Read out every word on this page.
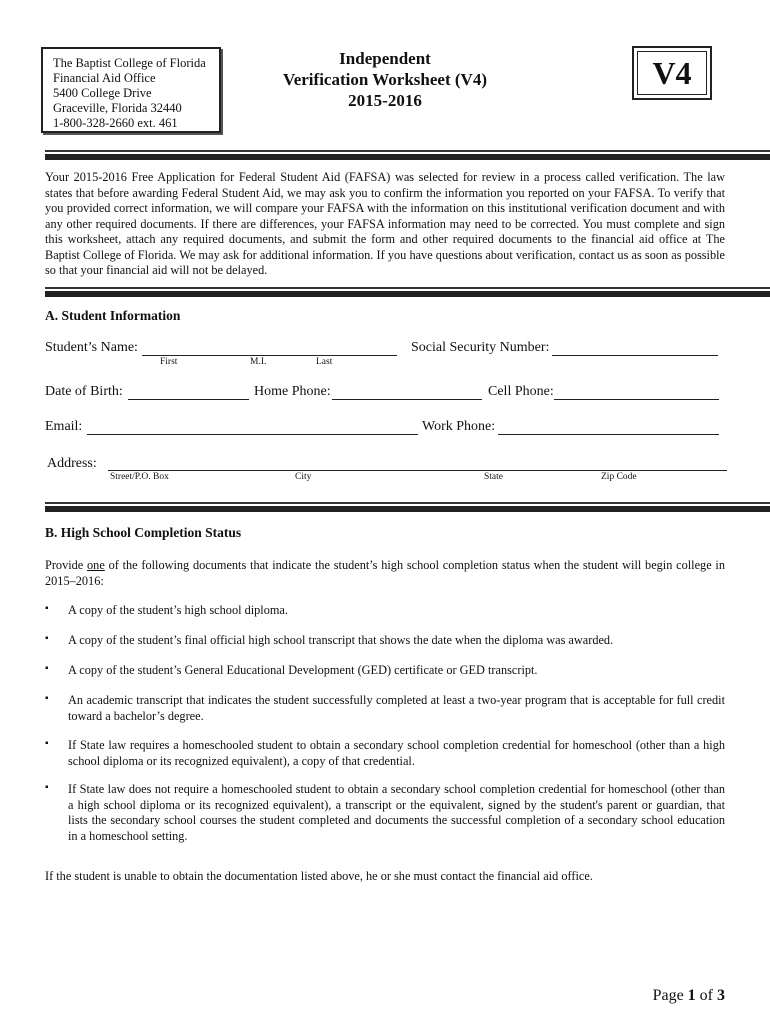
The Baptist College of Florida
Financial Aid Office
5400 College Drive
Graceville, Florida 32440
1-800-328-2660 ext. 461
Independent
Verification Worksheet (V4)
2015-2016
V4
Your 2015-2016 Free Application for Federal Student Aid (FAFSA) was selected for review in a process called verification. The law states that before awarding Federal Student Aid, we may ask you to confirm the information you reported on your FAFSA. To verify that you provided correct information, we will compare your FAFSA with the information on this institutional verification document and with any other required documents. If there are differences, your FAFSA information may need to be corrected. You must complete and sign this worksheet, attach any required documents, and submit the form and other required documents to the financial aid office at The Baptist College of Florida. We may ask for additional information. If you have questions about verification, contact us as soon as possible so that your financial aid will not be delayed.
A. Student Information
Student’s Name:
First	M.I.	Last
Social Security Number:
Date of Birth:	Home Phone:	Cell Phone:
Email:	Work Phone:
Address:
Street/P.O. Box	City	State	Zip Code
B. High School Completion Status
Provide one of the following documents that indicate the student’s high school completion status when the student will begin college in 2015–2016:
▪ A copy of the student’s high school diploma.
▪ A copy of the student’s final official high school transcript that shows the date when the diploma was awarded.
▪ A copy of the student’s General Educational Development (GED) certificate or GED transcript.
▪ An academic transcript that indicates the student successfully completed at least a two-year program that is acceptable for full credit toward a bachelor’s degree.
▪ If State law requires a homeschooled student to obtain a secondary school completion credential for homeschool (other than a high school diploma or its recognized equivalent), a copy of that credential.
▪ If State law does not require a homeschooled student to obtain a secondary school completion credential for homeschool (other than a high school diploma or its recognized equivalent), a transcript or the equivalent, signed by the student's parent or guardian, that lists the secondary school courses the student completed and documents the successful completion of a secondary school education in a homeschool setting.
If the student is unable to obtain the documentation listed above, he or she must contact the financial aid office.
Page 1 of 3
